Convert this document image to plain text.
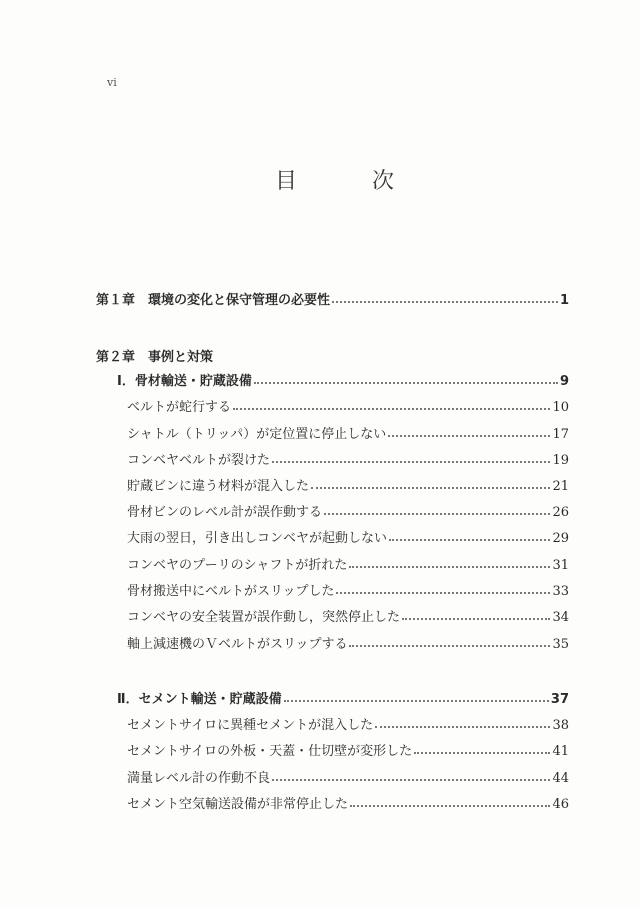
vi
目	次
第１章　環境の変化と保守管理の必要性	1
第２章　事例と対策
Ⅰ．骨材輸送・貯蔵設備	9
ベルトが蛇行する	10
シャトル（トリッパ）が定位置に停止しない	17
コンベヤベルトが裂けた	19
貯蔵ビンに違う材料が混入した	21
骨材ビンのレベル計が誤作動する	26
大雨の翌日，引き出しコンベヤが起動しない	29
コンベヤのプーリのシャフトが折れた	31
骨材搬送中にベルトがスリップした	33
コンベヤの安全装置が誤作動し，突然停止した	34
軸上減速機のＶベルトがスリップする	35
Ⅱ．セメント輸送・貯蔵設備	37
セメントサイロに異種セメントが混入した	38
セメントサイロの外板・天蓋・仕切壁が変形した	41
満量レベル計の作動不良	44
セメント空気輸送設備が非常停止した	46
